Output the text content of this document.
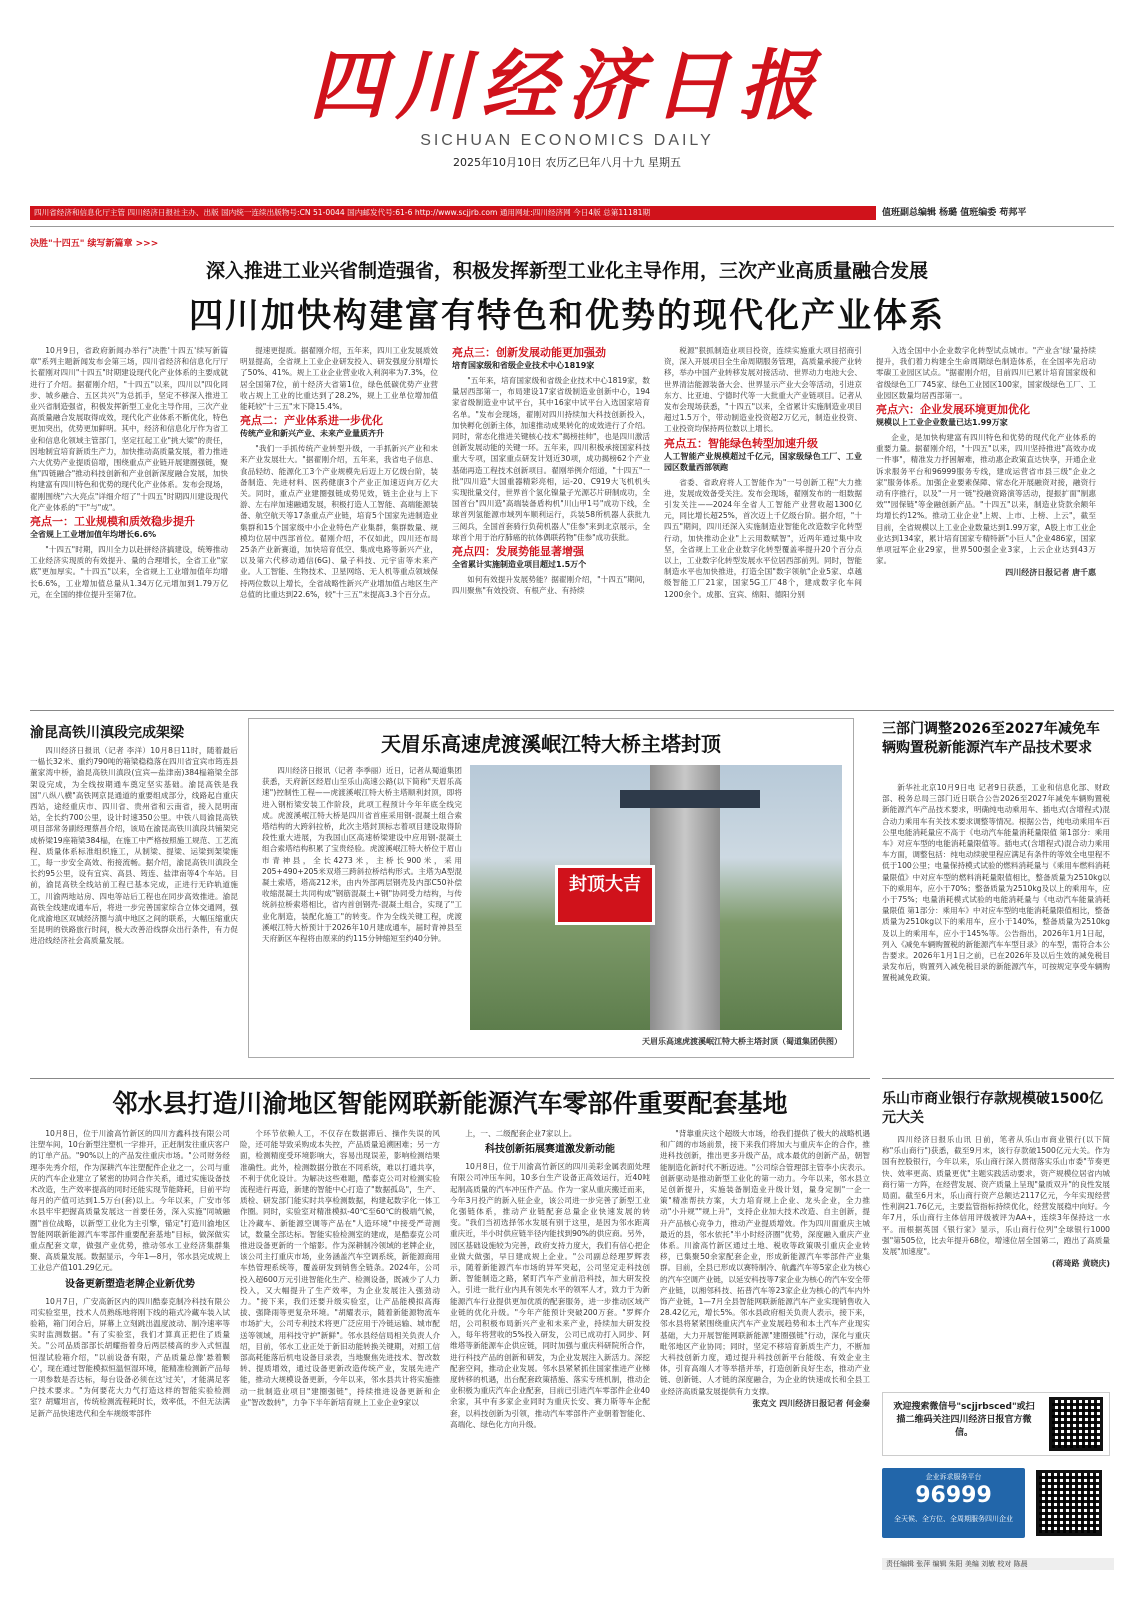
四川经济日报
SICHUAN ECONOMICS DAILY
2025年10月10日 农历乙巳年八月十九 星期五
四川省经济和信息化厅主管 四川经济日报社主办、出版 国内统一连续出版物号:CN 51-0044 国内邮发代号:61-6 http://www.scjjrb.com 通用网址:四川经济网 今日4版 总第11181期	值班副总编辑 杨璐 值班编委 苟邦平
决胜"十四五" 续写新篇章 >>>
深入推进工业兴省制造强省，积极发挥新型工业化主导作用，三次产业高质量融合发展
四川加快构建富有特色和优势的现代化产业体系

10月9日，省政府新闻办举行"决胜'十四五'续写新篇章"系列主题新闻发布会第三场，四川省经济和信息化厅厅长翟刚对四川"十四五"时期建设现代化产业体系的主要成就进行了介绍。据翟刚介绍，"十四五"以来，四川以"四化同步、城乡融合、五区共兴"为总抓手，坚定不移深入推进工业兴省制造强省，积极发挥新型工业化主导作用，三次产业高质量融合发展取得成效，现代化产业体系不断优化，特色更加突出，优势更加鲜明。其中，经济和信息化厅作为省工业和信息化领域主管部门，坚定扛起工业"挑大梁"的责任，因地制宜培育新质生产力，加快推动高质量发展，着力推进六大优势产业提质倍增，围绕重点产业链开展建圈强链，聚焦"四链融合"推动科技创新和产业创新深度融合发展，加快构建富有四川特色和优势的现代化产业体系。发布会现场，翟刚围绕"六大亮点"详细介绍了"十四五"时期四川建设现代化产业体系的"干"与"成"。

亮点一：工业规模和质效稳步提升
全省规上工业增加值年均增长6.6%

"十四五"时期，四川全力以赴拼经济搞建设，统筹推动工业经济实现质的有效提升、量的合理增长，全省工业"家底"更加厚实。"十四五"以来，全省规上工业增加值年均增长6.6%，工业增加值总量从1.34万亿元增加到1.79万亿元，在全国的排位提升至第7位。

提速更提质。据翟刚介绍，五年来，四川工业发展质效明显提高，全省规上工业企业研发投入、研发强度分别增长了50%、41%。规上工业企业营业收入利润率为7.3%，位居全国第7位，前十经济大省第1位，绿色低碳优势产业营收占规上工业的比重达到了28.2%，规上工业单位增加值能耗较"十三五"末下降15.4%。

亮点二：产业体系进一步优化
传统产业和新兴产业、未来产业量质齐升

"我们一手抓传统产业转型升级，一手抓新兴产业和未来产业发展壮大。"据翟刚介绍，五年来，我省电子信息、食品轻纺、能源化工3个产业规模先后迈上万亿级台阶，装备制造、先进材料、医药健康3个产业正加速迈向万亿大关。同时，重点产业建圈强链成势见效，链主企业与上下游、左右岸加速融通发展，积极打造人工智能、高端能源装备、航空航天等17条重点产业链，培育5个国家先进制造业集群和15个国家级中小企业特色产业集群，集群数量、规模均位居中西部首位。翟刚介绍，不仅如此，四川还布局25条产业新赛道，加快培育低空、集成电路等新兴产业，以及第六代移动通信(6G)、量子科技、元宇宙等未来产业。人工智能、生物技术、卫星网络、无人机等重点领域保持两位数以上增长，全省战略性新兴产业增加值占地区生产总值的比重达到22.6%，较"十三五"末提高3.3个百分点。

亮点三：创新发展动能更加强劲
培育国家级和省级企业技术中心1819家

"五年来，培育国家级和省级企业技术中心1819家，数量居西部第一，布局建设17家省级制造业创新中心，194家省级制造业中试平台，其中16家中试平台入选国家培育名单。"发布会现场，翟刚对四川持续加大科技创新投入，加快孵化创新主体，加速推动成果转化的成效进行了介绍。同时，常态化推进关键核心技术"揭榜挂帅"，也是四川激活创新发展动能的关键一环。五年来，四川积极承接国家科技重大专项，国家重点研发计划近30项，成功揭榜62个产业基础再造工程技术创新项目。翟刚举例介绍道，"十四五"一批"四川造"大国重器精彩亮相，运-20、C919大飞机机头实现批量交付，世界首个氢化镍量子光源芯片研制成功，全国首台"四川造"高端装备盾构机"川山甲1号"成功下线，全球首列氢能源市域列车顺利运行，兵装58所机器人获批九三阅兵，全国首套骑行负荷机器人"佳参"来到北京展示，全球首个用于治疗肺癌的抗体偶联药物"佳参"成功获批。

亮点四：发展势能显著增强
全省累计实施制造业项目超过1.5万个

如何有效提升发展势能？据翟刚介绍，"十四五"期间，四川聚焦"有效投资、有根产业、有持续

税源"狠抓制造业项目投资，连续实施重大项目招商引资，深入开展项目全生命周期服务管理，高质量承接产业转移，举办中国产业转移发展对接活动、世界动力电池大会、世界清洁能源装备大会、世界显示产业大会等活动，引进京东方、比亚迪、宁德时代等一大批重大产业链项目。记者从发布会现场获悉，"十四五"以来，全省累计实施制造业项目超过1.5万个，带动制造业投资超2万亿元，制造业投资、工业投资均保持两位数以上增长。

亮点五：智能绿色转型加速升级
人工智能产业规模超过千亿元，国家级绿色工厂、工业园区数量西部领跑

省委、省政府将人工智能作为"一号创新工程"大力推进，发展成效备受关注。发布会现场，翟刚发布的一组数据引发关注——2024年全省人工智能产业营收超1300亿元，同比增长超25%，首次迈上千亿级台阶。据介绍，"十四五"期间，四川还深入实施制造业智能化改造数字化转型行动，加快推动企业"上云用数赋智"，近两年通过集中攻坚，全省规上工业企业数字化转型覆盖率提升20个百分点以上，工业数字化转型发展水平位居西部前列。同时，智能制造水平也加快推进，打造全国"数字领航"企业5家、卓越级智能工厂21家，国家5G工厂48个，建成数字化车间1200余个。成都、宜宾、绵阳、德阳分别

入选全国中小企业数字化转型试点城市。"产业含'绿'量持续提升，我们着力构建全生命周期绿色制造体系，在全国率先启动零碳工业园区试点。"据翟刚介绍，目前四川已累计培育国家级和省级绿色工厂745家、绿色工业园区100家，国家级绿色工厂、工业园区数量均居西部第一。

亮点六：企业发展环境更加优化
规模以上工业企业数量已达1.99万家

企业，是加快构建富有四川特色和优势的现代化产业体系的重要力量。据翟刚介绍，"十四五"以来，四川坚持推进"高效办成一件事"，精准发力抒困解难，推动惠企政策直达快享，开通企业诉求服务平台和96999服务专线，建成运营省市县三级"企业之家"服务体系。加强企业要素保障、常态化开展融资对接，融资行动有序推行，以及"一月一链"投融资路演等活动，提振扩面"制惠效""园保链"等金融创新产品。"十四五"以来，制造业贷款余额年均增长约12%。推动工业企业"上规、上市、上榜、上云"，截至目前，全省规模以上工业企业数量达到1.99万家，A股上市工业企业达到134家，累计培育国家专精特新"小巨人"企业486家，国家单项冠军企业29家，世界500强企业3家，上云企业达到43万家。

四川经济日报记者 唐千惠
渝昆高铁川滇段完成架梁

四川经济日报讯（记者 李洋）10月8日11时，随着最后一榀长32米、重约790吨的箱梁稳稳落在四川省宜宾市筠连县董家湾中桥，渝昆高铁川滇段(宜宾—盐津南)384榀箱梁全部架设完成，为全线按期通车奠定坚实基础。渝昆高铁是我国"八纵八横"高铁网京昆通道的重要组成部分，线路起自重庆西站，途经重庆市、四川省、贵州省和云南省，接入昆明南站，全长约700公里，设计时速350公里。中铁八局渝昆高铁项目部常务副经理蔡昌介绍，该局在渝昆高铁川滇段共铺架完成桥梁19座箱梁384榀，在施工中严格按照施工规范、工艺流程、质量体系标准组织施工，从制梁、提梁、运梁到架梁施工，每一步安全高效、衔接流畅。据介绍，渝昆高铁川滇段全长约95公里，设有宜宾、高县、筠连、盐津南等4个车站。目前，渝昆高铁全线站前工程已基本完成，正进行无砟轨道施工，川渝两地站房、四电等站后工程也在同步高效推进。渝昆高铁全线建成通车后，将进一步完善国家综合立体交通网，强化成渝地区双城经济圈与滇中地区之间的联系，大幅压缩重庆至昆明的铁路旅行时间，极大改善沿线群众出行条件，有力促进沿线经济社会高质量发展。

天眉乐高速虎渡溪岷江特大桥主塔封顶

四川经济日报讯（记者 李季丽）近日，记者从蜀道集团获悉，天府新区经眉山至乐山高速公路(以下简称"天眉乐高速")控制性工程——虎渡溪岷江特大桥主塔顺利封顶，即将进入钢桁梁安装工作阶段，此项工程预计今年年底全线完成。虎渡溪岷江特大桥是四川省首座采用钢-混凝土组合索塔结构的大跨斜拉桥，此次主塔封顶标志着项目建设取得阶段性重大进展，为我国山区高速桥梁建设中应用钢-混凝土组合索塔结构积累了宝贵经验。虎渡溪岷江特大桥位于眉山市青神县，全长4273米，主桥长900米，采用205+490+205米双塔三跨斜拉桥结构形式。主塔为A型混凝土索塔，塔高212米，由内外部两层钢壳及内部C50补偿收缩混凝土共同构成"钢筋混凝土+钢"协同受力结构，与传统斜拉桥索塔相比，省内首创钢壳-混凝土组合，实现了"工业化制造，装配化施工"的转变。作为全线关键工程，虎渡溪岷江特大桥预计于2026年10月建成通车，届时青神县至天府新区车程将由原来的约115分钟缩短至约40分钟。

封顶大吉
天眉乐高速虎渡溪岷江特大桥主塔封顶（蜀道集团供图）
三部门调整2026至2027年减免车辆购置税新能源汽车产品技术要求

新华社北京10月9日电 记者9日获悉，工业和信息化部、财政部、税务总局三部门近日联合公告2026至2027年减免车辆购置税新能源汽车产品技术要求，明确纯电动乘用车、插电式(含增程式)混合动力乘用车有关技术要求调整等情况。根据公告，纯电动乘用车百公里电能消耗量应不高于《电动汽车能量消耗量限值 第1部分：乘用车》对应车型的电能消耗量限值等。插电式(含增程式)混合动力乘用车方面，调整包括：纯电动续驶里程应满足有条件的等效全电里程不低于100公里；电量保持模式试验的燃料消耗量与《乘用车燃料消耗量限值》中对应车型的燃料消耗量限值相比，整备质量为2510kg以下的乘用车，应小于70%；整备质量为2510kg及以上的乘用车，应小于75%；电量消耗模式试验的电能消耗量与《电动汽车能量消耗量限值 第1部分：乘用车》中对应车型的电能消耗量限值相比，整备质量为2510kg以下的乘用车，应小于140%，整备质量为2510kg及以上的乘用车，应小于145%等。公告指出，2026年1月1日起，列入《减免车辆购置税的新能源汽车车型目录》的车型，需符合本公告要求。2026年1月1日之前，已在2026年及以后生效的减免税目录发布后，购置列入减免税目录的新能源汽车，可按规定享受车辆购置税减免政策。

邻水县打造川渝地区智能网联新能源汽车零部件重要配套基地

10月8日，位于川渝高竹新区的四川方鑫科技有限公司注塑车间，10台新型注塑机一字排开，正赶制发往重庆客户的订单产品。"90%以上的产品发往重庆市场。"公司财务经理李先秀介绍，作为深耕汽车注塑配件企业之一，公司与重庆的汽车企业建立了紧密的协同合作关系，通过实施设备技术改造，生产效率提高的同时还能实现节能降耗，目前平均每月的产值可达到1.5万台(套)以上。今年以来，广安市邻水县牢牢把握高质量发展这一首要任务，深入实施"同城融圈"首位战略，以新型工业化为主引擎，锚定"打造川渝地区智能网联新能源汽车零部件重要配套基地"目标，做深做实重点配套文章，做强产业优势，推动邻水工业经济集群集聚、高质量发展。数据显示，今年1—8月，邻水县完成规上工业总产值101.29亿元。

设备更新塑造老牌企业新优势

10月7日，广安高新区内的四川酷泰克制冷科技有限公司实验室里，技术人员熟练地将刚下线的箱式冷藏车装入试验箱，箱门闭合后，屏幕上立刻跳出温度波动、制冷速率等实时监测数据。"有了实验室，我们才算真正把住了质量关。"公司品质部部长胡耀指着身后两层楼高的步入式恒温恒湿试验箱介绍，"以前设备有限，产品质量总像'悬着颗心'，现在通过智能模拟恒温恒湿环境，能精准检测新产品每一项参数是否达标，每台设备必须在这'过关'，才能满足客户技术要求。"为何要花大力气打造这样的智能实验检测室？胡耀坦言，传统检测流程耗时长，效率低，不但无法满足新产品快速迭代和全车规级零部件

个环节依赖人工，不仅存在数据滞后、操作失误的风险，还可能导致采购成本失控，产品质量追溯困难；另一方面，检测精度受环境影响大，容易出现误差，影响检测结果准确性。此外，检测数据分散在不同系统，难以打通共享，不利于优化设计。为解决这些难题，酷泰克公司对检测实验流程进行再造，新建的智能中心打造了"数据孤岛"，生产、质检、研发部门能实时共享检测数据，构建起数字化一体工作圈。同时，实验室对精准模拟-40℃至60℃的极端气候，让冷藏车、新能源空调等产品在"人造环境"中接受严苛测试，数量全部达标。智能实验检测室的建成，是酷泰克公司推进设备更新的一个缩影。作为深耕制冷领域的老牌企业，该公司主打重庆市场，业务涵盖汽车空调系统，新能源商用车热管理系统等，覆盖研发到销售全链条。2024年，公司投入超600万元引进智能化生产、检测设备，既减少了人力投入，又大幅提升了生产效率，为企业发展注入强劲动力。"接下来，我们还要升级实验室，让产品能模拟高海拔、强降雨等更复杂环境。"胡耀表示，随着新能源物流车市场扩大，公司专利技术将更广泛应用于冷链运输、城市配送等领域，用科技守护"新鲜"。邻水县经信局相关负责人介绍，目前，邻水工业正处于新旧动能转换关键期，对照工信部高耗能落后机电设备目录表，当地聚焦先进技术、智改数转、提质增效，通过设备更新改造传统产业，发展先进产能，推动大规模设备更新，今年以来，邻水县共计将实施推动一批制造业项目"建圈强链"，持续推进设备更新和企业"智改数转"，力争下半年新培育规上工业企业9家以

上，一、二级配套企业7家以上。

科技创新拓展赛道激发新动能

10月8日，位于川渝高竹新区的四川美彩金属表面处理有限公司冲压车间，10多台生产设备正高效运行，近40吨起制高质量的汽车冲压件产品。作为一家从重庆搬迁而来，今年3月投产的新入驻企业，该公司进一步完善了新型工业化强链体系，推动产业链配套总量企业快速发展的转变。"我们当初选择邻水发展有别于这里，是因为邻水距离重庆近，半小时供应链半径内能找到90%的供应商。另外，园区基础设施较为完善，政府支持力度大，我们有信心把企业做大做强，早日建成规上企业。"公司副总经理罗辉表示，随着新能源汽车市场的异军突起，公司坚定走科技创新、智能制造之路，紧盯汽车产业前沿科技，加大研发投入，引进一批行业内具有领先水平的领军人才，致力于为新能源汽车行业提供更加优质的配套服务，进一步推动区域产业链的优化升级。"今年产能预计突破200万套。"罗辉介绍，公司积极布局新兴产业和未来产业，持续加大研发投入，每年将营收的5%投入研发，公司已成功打入同步、阿维塔等新能源车企供应链，同时加强与重庆科研院所合作，进行科技产品的创新和研发，为企业发展注入新活力。深挖配套空间，推动企业发展。邻水县紧紧抓住国家推进产业梯度转移的机遇，出台配套政策措施、落实专班机制，推动企业积极为重庆汽车企业配套，目前已引进汽车零部件企业40余家，其中有多家企业同时为重庆长安、赛力斯等车企配套，以科技创新为引领，推动汽车零部件产业朝着智能化、高端化、绿色化方向升级。

"背靠重庆这个超级大市场，给我们提供了极大的战略机遇和广阔的市场前景，接下来我们将加大与重庆车企的合作，推进科技创新，推出更多升级产品，成本最优的创新产品，朝智能制造化新时代不断迈进。"公司综合管理部主管李小庆表示。创新驱动是推动新型工业化的第一动力。今年以来，邻水县立足创新提升，实施装备制造业升级计划，量身定制"一企一策"精准帮扶方案，大力培育规上企业、龙头企业，全力推动"小升规""规上升"，支持企业加大技术改造、自主创新，提升产品核心竞争力，推动产业提质增效。作为四川面重庆主城最近的县，邻水依托"半小时经济圈"优势，深度融入重庆产业体系。川渝高竹新区通过土地、税收等政策吸引重庆企业转移，已集聚50余家配套企业，形成新能源汽车零部件产业集群。目前，全县已形成以赛特制冷、航鑫汽车等5家企业为核心的汽车空调产业链，以延安科技等7家企业为核心的汽车安全带产业链，以湘邻科技、拓普汽车等23家企业为核心的汽车内外饰产业链，1—7月全县智能网联新能源汽车产业实现销售收入28.42亿元，增长5%。邻水县政府相关负责人表示，接下来，邻水县将紧紧围绕重庆汽车产业发展趋势和本土汽车产业现实基础，大力开展智能网联新能源"建圈强链"行动，深化与重庆毗邻地区产业协同；同时，坚定不移培育新质生产力，不断加大科技创新力度，通过提升科技创新平台能级、有效企业主体，引育高端人才等举措并举，打造创新良好生态，推动产业链、创新链、人才链的深度融合，为企业的快速成长和全县工业经济高质量发展提供有力支撑。

张克文 四川经济日报记者 何金秦
乐山市商业银行存款规模破1500亿元大关

四川经济日报乐山讯 日前，笔者从乐山市商业银行(以下简称"乐山商行")获悉，截至9月末，该行存款破1500亿元大关。作为国有控股银行，今年以来，乐山商行深入贯彻落实乐山市委"节奏更快、效率更高、质量更优"主题实践活动要求，资产规模位居省内城商行第一方阵，在经营发展、资产质量上呈现"量质双升"的良性发展局面。截至6月末，乐山商行资产总额达2117亿元，今年实现经营性利润21.76亿元，主要监管指标持续优化，经营发展稳中向好。今年7月，乐山商行主体信用评级被评为AA+，连续3年保持这一水平。而根据英国《银行家》显示，乐山商行位列"全球银行1000强"第505位，比去年提升68位，增速位居全国第二，跑出了高质量发展"加速度"。

(蒋琦路 黄晓庆)
欢迎搜索微信号"scjjrbsced"或扫描二维码关注四川经济日报官方微信。
企业诉求服务平台
96999
全天候、全方位、全周期服务四川企业
责任编辑 张萍 编辑 朱阳 美编 刘敏 校对 陈晨
